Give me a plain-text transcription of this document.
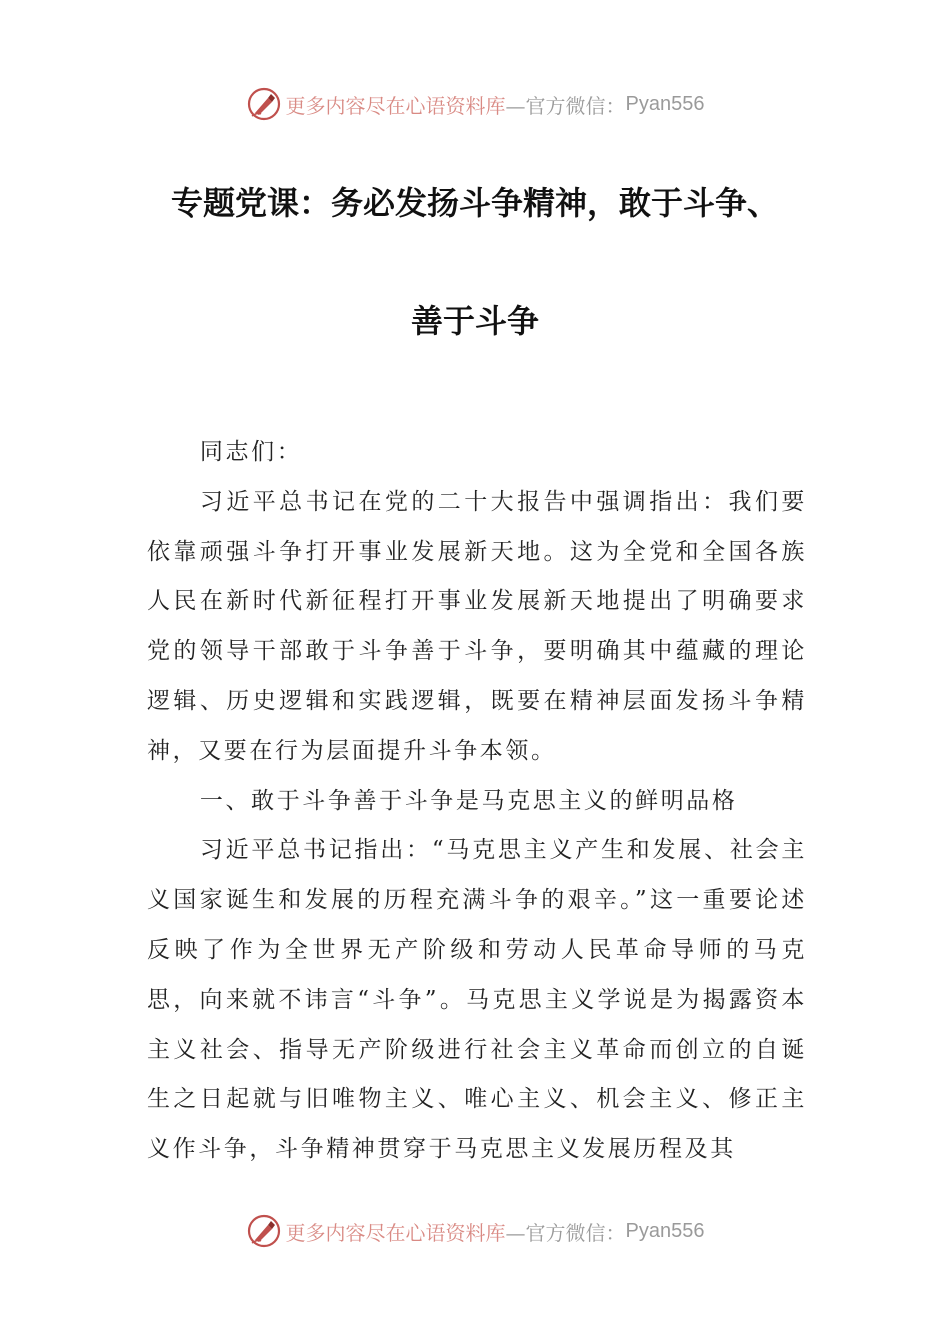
更多内容尽在心语资料库 —官方微信： Pyan556
专题党课：务必发扬斗争精神，敢于斗争、
善于斗争

同志们：

习近平总书记在党的二十大报告中强调指出：我们要依靠顽强斗争打开事业发展新天地。这为全党和全国各族人民在新时代新征程打开事业发展新天地提出了明确要求党的领导干部敢于斗争善于斗争，要明确其中蕴藏的理论逻辑、历史逻辑和实践逻辑，既要在精神层面发扬斗争精神，又要在行为层面提升斗争本领。

一、敢于斗争善于斗争是马克思主义的鲜明品格

习近平总书记指出：“马克思主义产生和发展、社会主义国家诞生和发展的历程充满斗争的艰辛。”这一重要论述反映了作为全世界无产阶级和劳动人民革命导师的马克思，向来就不讳言“斗争”。马克思主义学说是为揭露资本主义社会、指导无产阶级进行社会主义革命而创立的自诞生之日起就与旧唯物主义、唯心主义、机会主义、修正主义作斗争，斗争精神贯穿于马克思主义发展历程及其

更多内容尽在心语资料库 —官方微信： Pyan556
